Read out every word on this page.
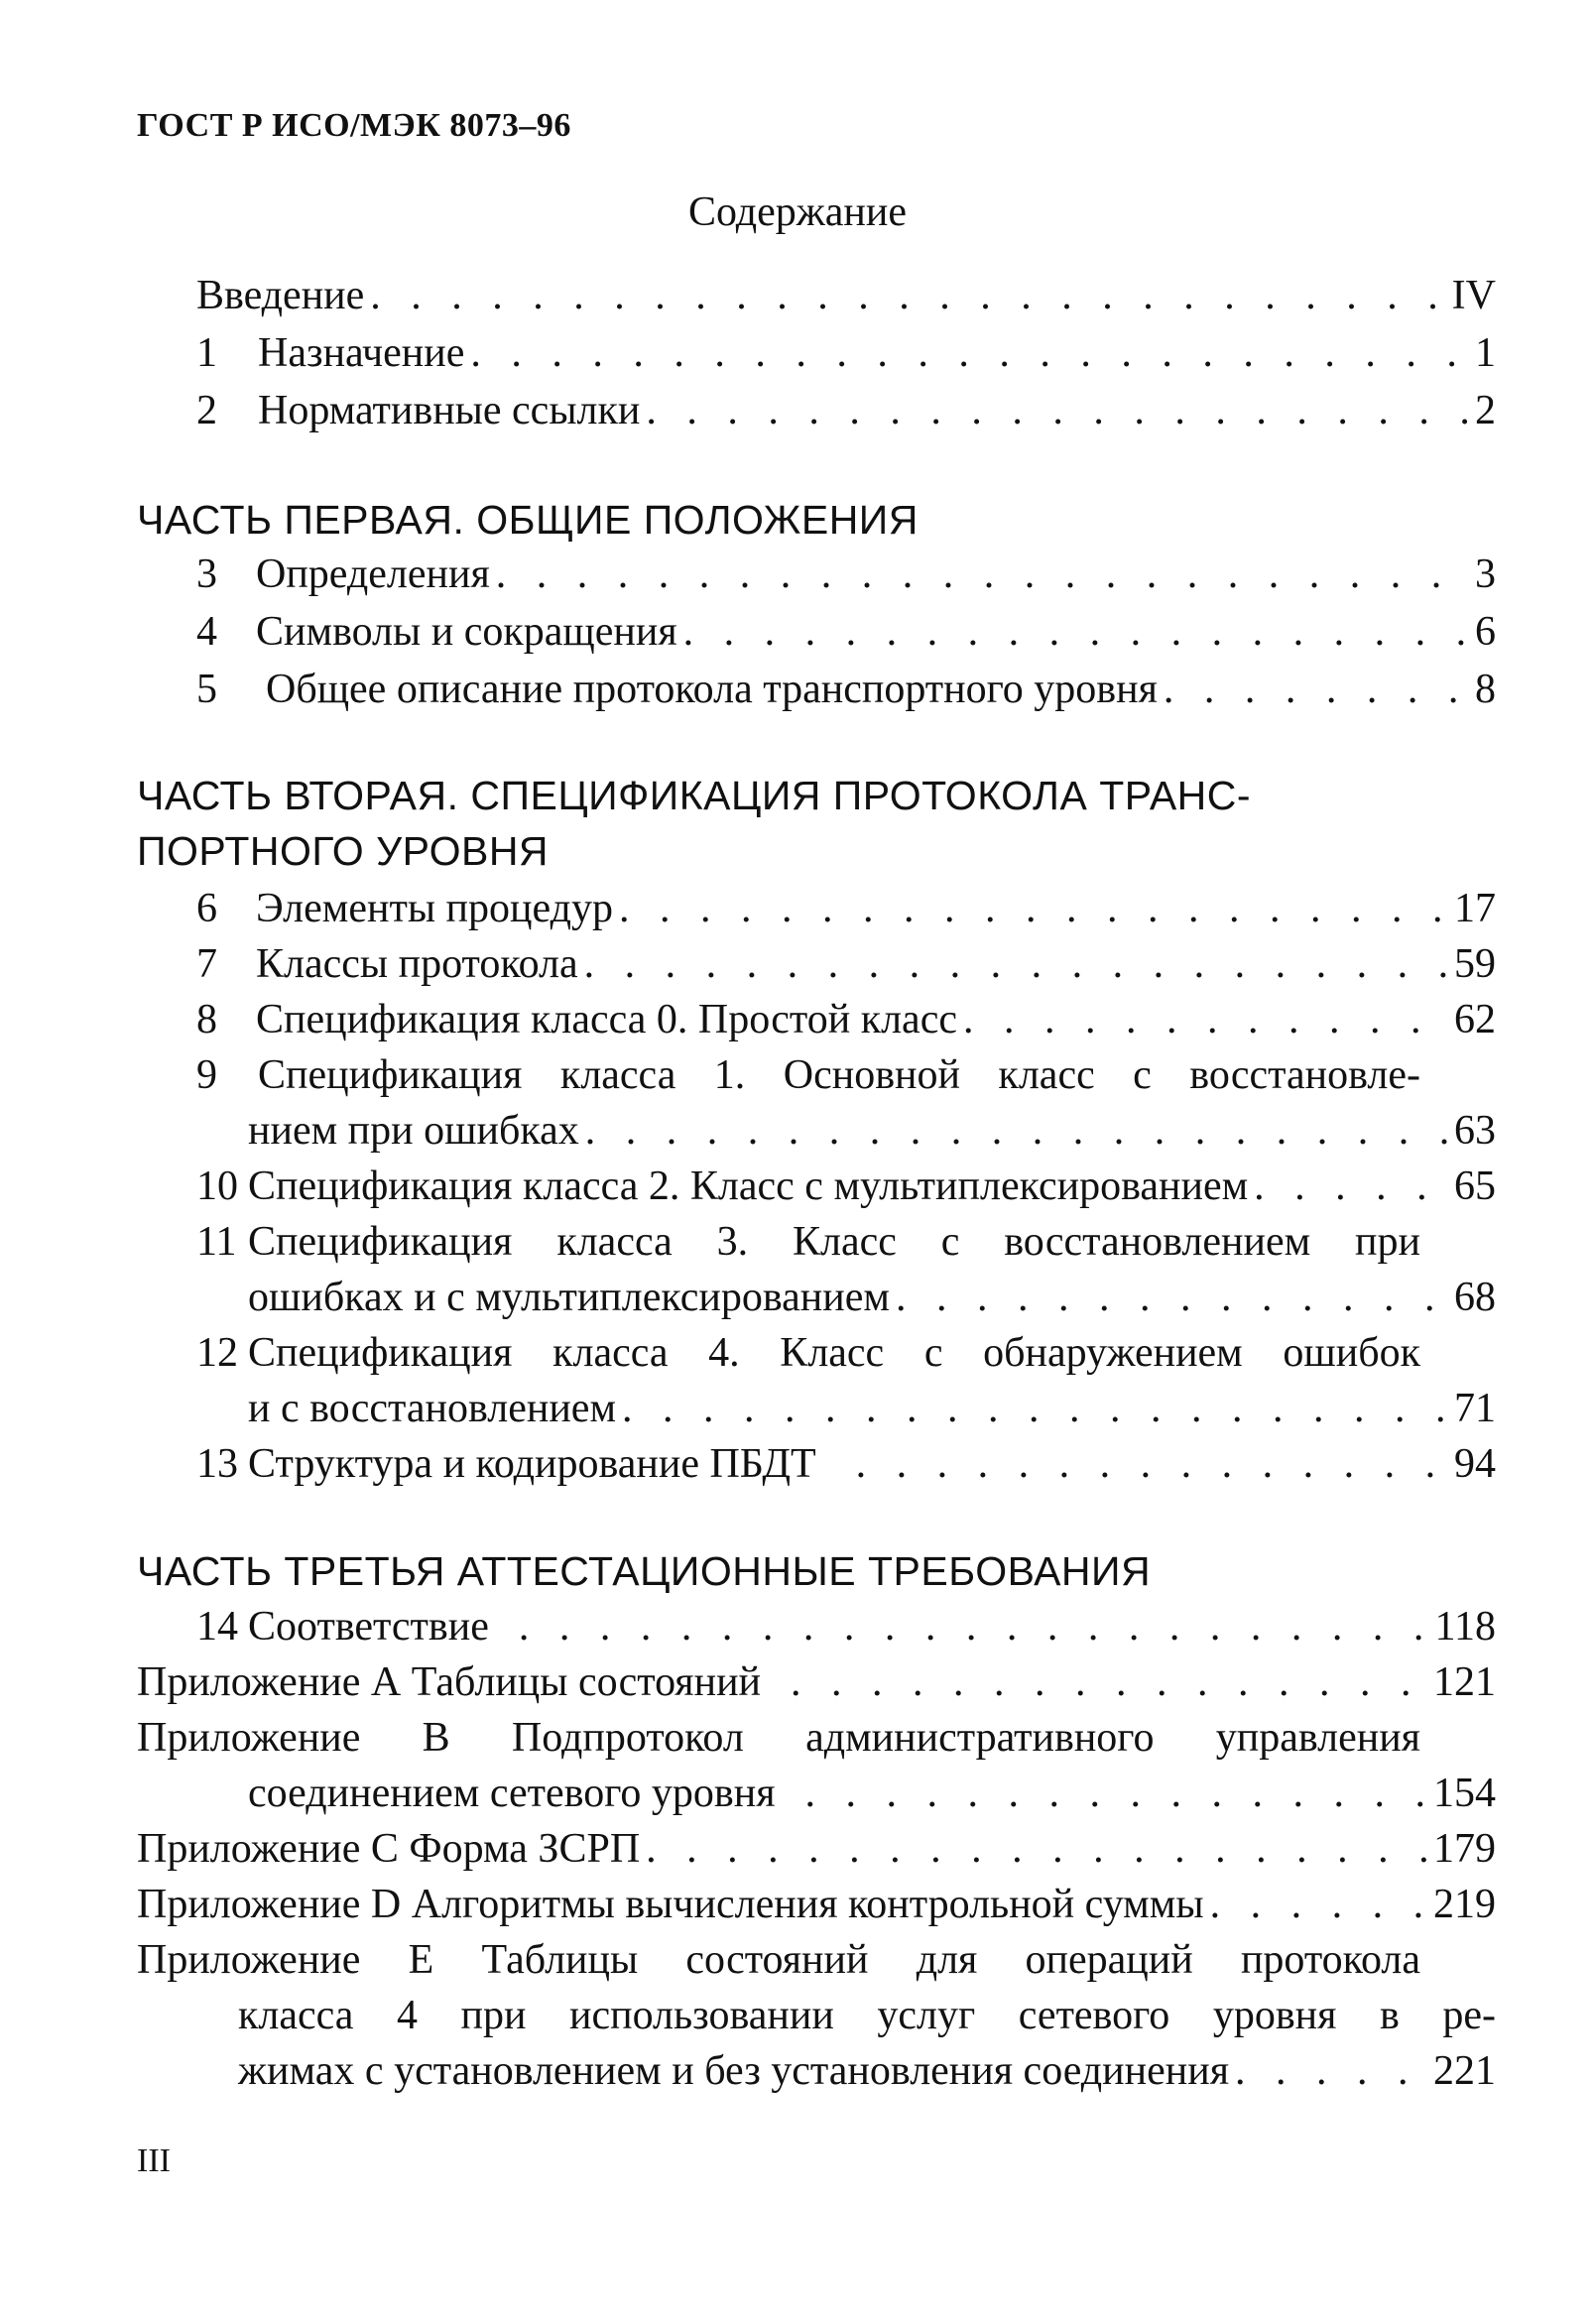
ГОСТ Р ИСО/МЭК 8073–96
Содержание
Введение . . .	IV
1 Назначение . . .	1
2 Нормативные ссылки . . .	2
ЧАСТЬ ПЕРВАЯ. ОБЩИЕ ПОЛОЖЕНИЯ
3 Определения . . .	3
4 Символы и сокращения . . .	6
5	Общее описание протокола транспортного уровня . . .	8
ЧАСТЬ ВТОРАЯ. СПЕЦИФИКАЦИЯ ПРОТОКОЛА ТРАНС-
ПОРТНОГО УРОВНЯ
6 Элементы процедур . . .	17
7 Классы протокола . . .	59
8 Спецификация класса 0. Простой класс . . .	62
9 Спецификация класса 1. Основной класс с восстановле-
нием при ошибках . . .	63
10 Спецификация класса 2. Класс с мультиплексированием . . .	65
11 Спецификация класса 3. Класс с восстановлением при
ошибках и с мультиплексированием . . .	68
12 Спецификация класса 4. Класс с обнаружением ошибок
и с восстановлением . . .	71
13 Структура и кодирование ПБДТ . . .	94
ЧАСТЬ ТРЕТЬЯ АТТЕСТАЦИОННЫЕ ТРЕБОВАНИЯ
14 Соответствие . . .	118
Приложение А Таблицы состояний . . .	121
Приложение В Подпротокол административного управления
соединением сетевого уровня . . .	154
Приложение С Форма ЗСРП . . .	179
Приложение D Алгоритмы вычисления контрольной суммы . . .	219
Приложение Е Таблицы состояний для операций протокола
класса 4 при использовании услуг сетевого уровня в ре-
жимах с установлением и без установления соединения . . .	221
III
